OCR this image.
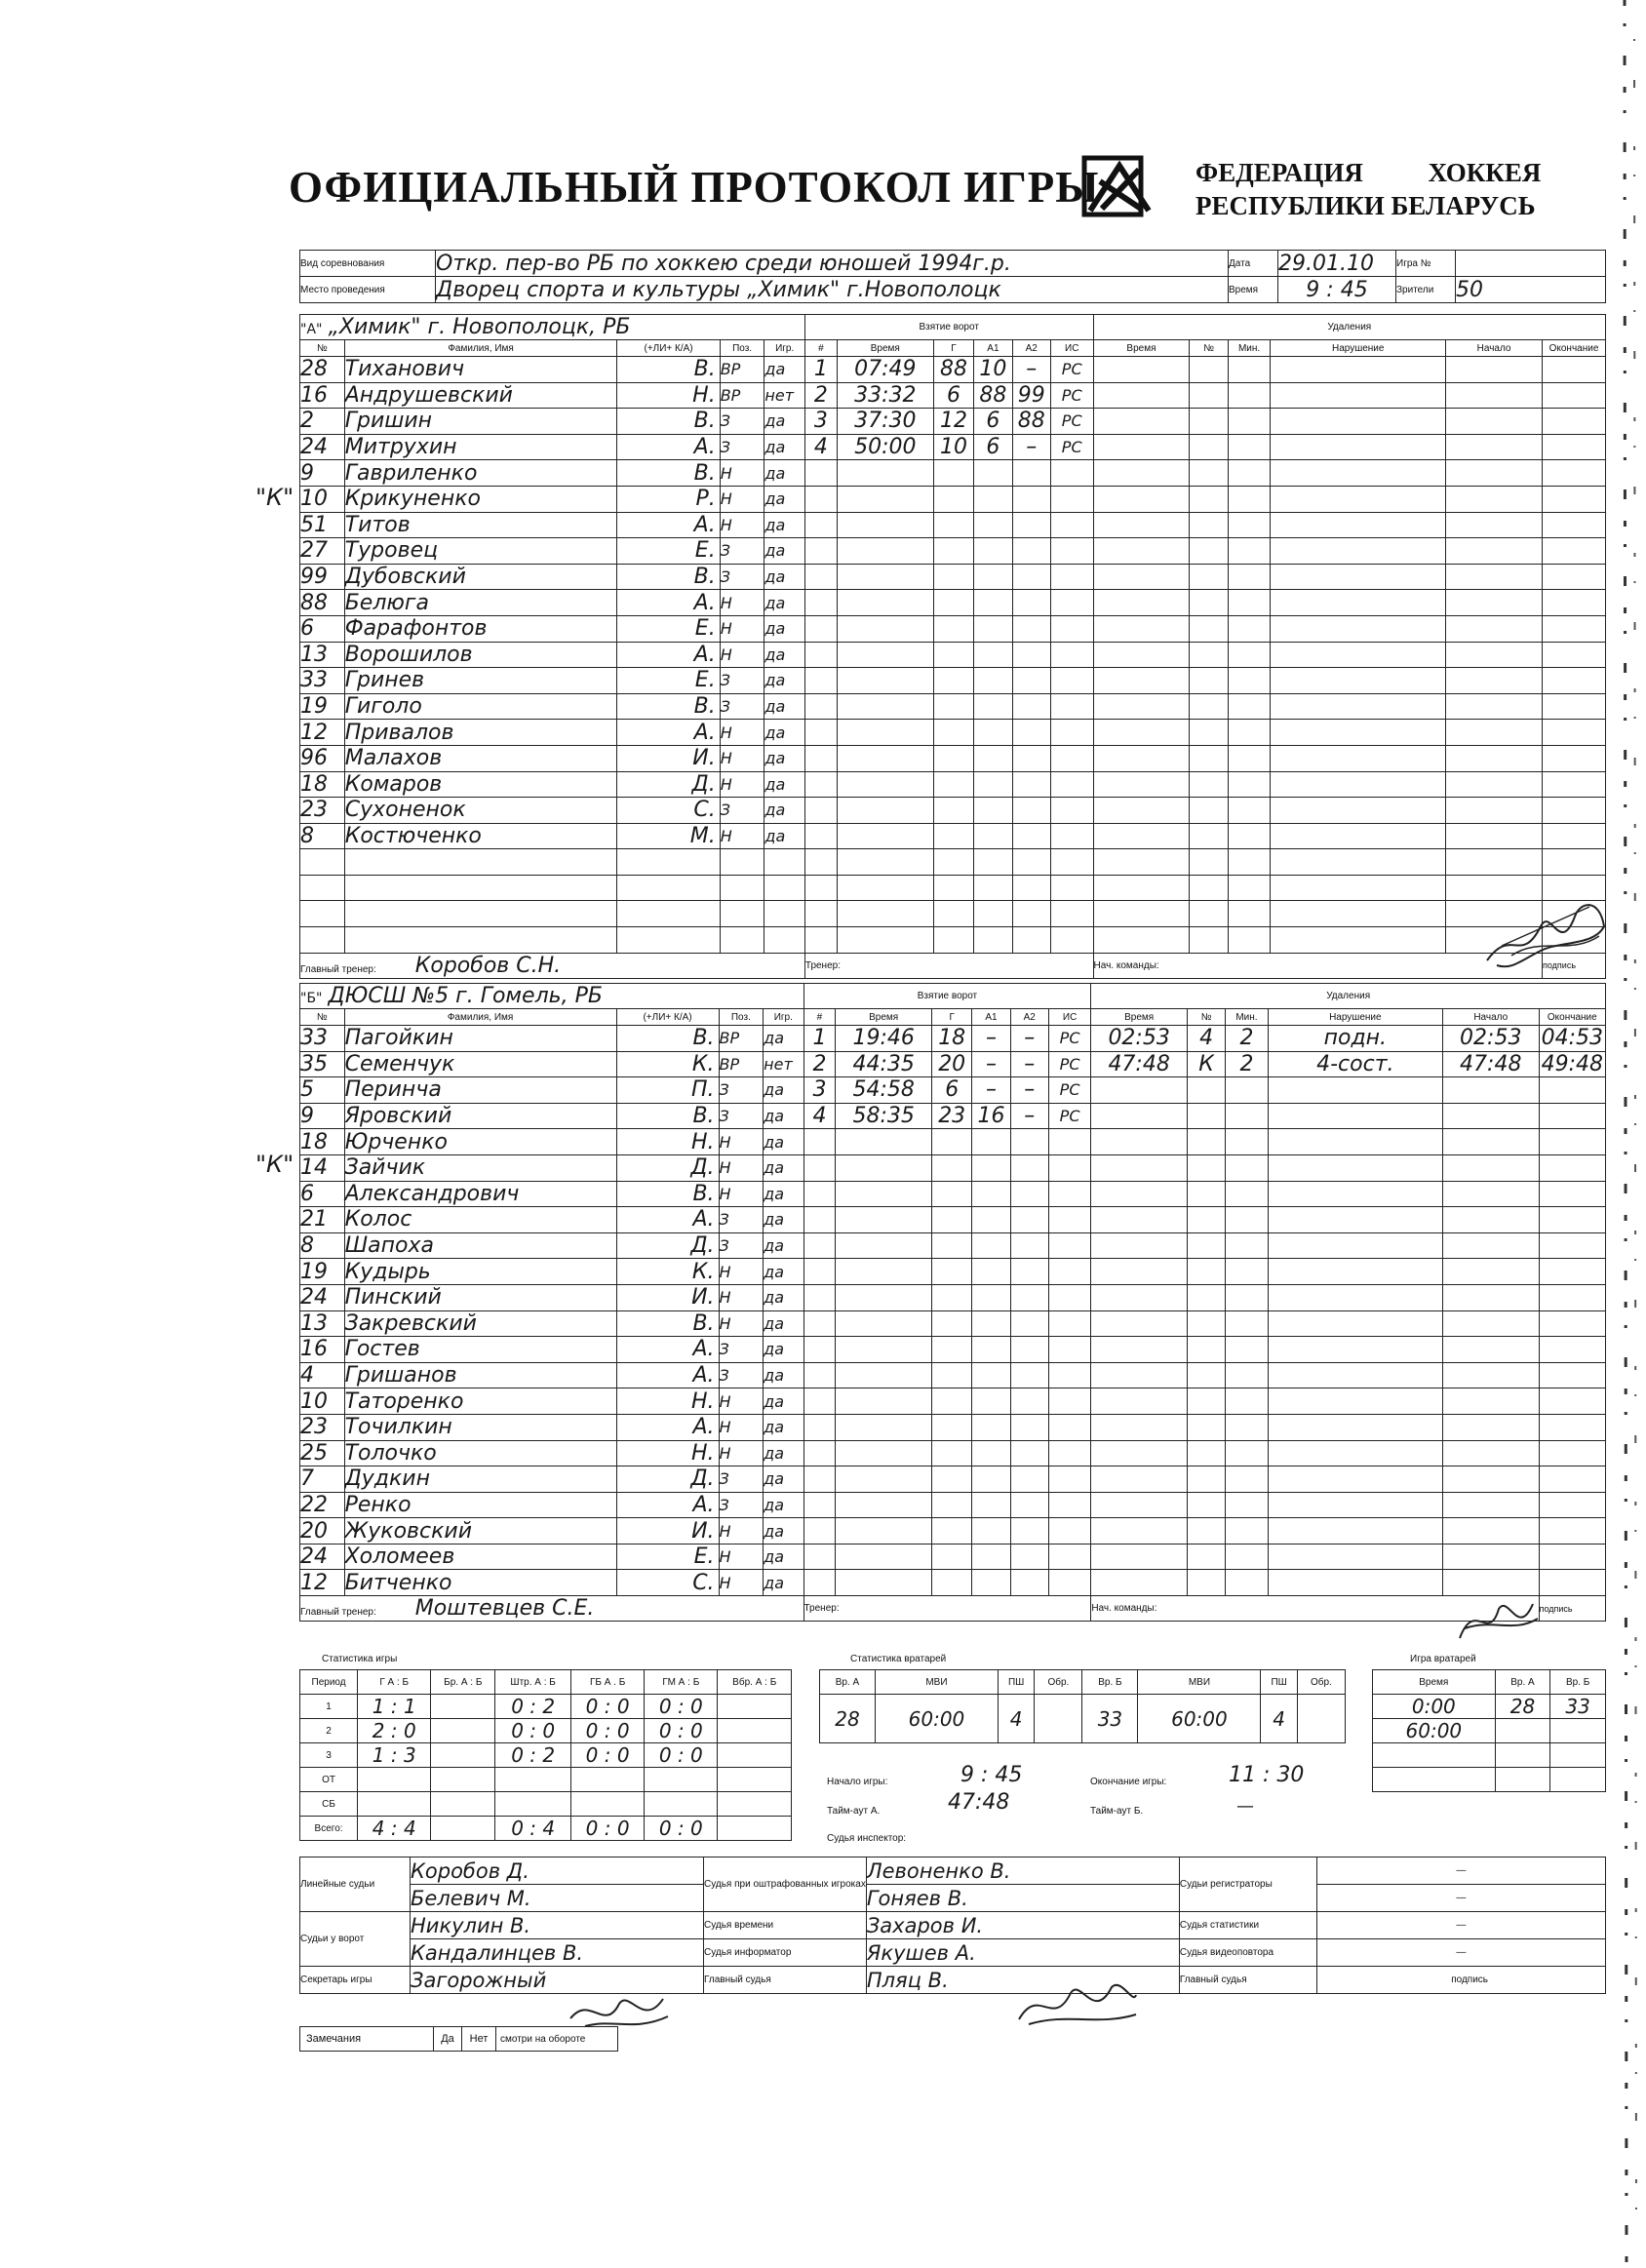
ОФИЦИАЛЬНЫЙ ПРОТОКОЛ ИГРЫ	ФЕДЕРАЦИЯ ХОККЕЯ
РЕСПУБЛИКИ БЕЛАРУСЬ
Вид соревнования	Откр. пер-во РБ по хоккею среди юношей 1994г.р.	Дата	29.01.10	Игра №	
Место проведения	Дворец спорта и культуры „Химик" г.Новополоцк	Время	9 : 45	Зрители	50
"А" „Химик" г. Новополоцк, РБ					Взятие ворот						Удаления					
№	Фамилия, Имя	(+ЛИ+ К/А)	Поз.	Игр.	#	Время	Г	А1	А2	ИС	Время	№	Мин.	Нарушение	Начало	Окончание
28	Тиханович	В.	ВР	да	1	07:49	88	10	–	РС						
16	Андрушевский	Н.	ВР	нет	2	33:32	6	88	99	РС						
2	Гришин	В.	З	да	3	37:30	12	6	88	РС						
24	Митрухин	А.	З	да	4	50:00	10	6	–	РС						
9	Гавриленко	В.	Н	да												
10	Крикуненко	Р.	Н	да												
51	Титов	А.	Н	да												
27	Туровец	Е.	З	да												
99	Дубовский	В.	З	да												
88	Белюга	А.	Н	да												
6	Фарафонтов	Е.	Н	да												
13	Ворошилов	А.	Н	да												
33	Гринев	Е.	З	да												
19	Гиголо	В.	З	да												
12	Привалов	А.	Н	да												
96	Малахов	И.	Н	да												
18	Комаров	Д.	Н	да												
23	Сухоненок	С.	З	да												
8	Костюченко	М.	Н	да												

Главный тренер: Коробов С.Н.					Тренер:						Нач. команды:					подпись
"Б" ДЮСШ №5 г. Гомель, РБ					Взятие ворот						Удаления					
№	Фамилия, Имя	(+ЛИ+ К/А)	Поз.	Игр.	#	Время	Г	А1	А2	ИС	Время	№	Мин.	Нарушение	Начало	Окончание
33	Пагойкин	В.	ВР	да	1	19:46	18	–	–	РС	02:53	4	2	подн.	02:53	04:53
35	Семенчук	К.	ВР	нет	2	44:35	20	–	–	РС	47:48	К	2	4-сост.	47:48	49:48
5	Перинча	П.	З	да	3	54:58	6	–	–	РС						
9	Яровский	В.	З	да	4	58:35	23	16	–	РС						
18	Юрченко	Н.	Н	да												
14	Зайчик	Д.	Н	да												
6	Александрович	В.	Н	да												
21	Колос	А.	З	да												
8	Шапоха	Д.	З	да												
19	Кудырь	К.	Н	да												
24	Пинский	И.	Н	да												
13	Закревский	В.	Н	да												
16	Гостев	А.	З	да												
4	Гришанов	А.	З	да												
10	Таторенко	Н.	Н	да												
23	Точилкин	А.	Н	да												
25	Толочко	Н.	Н	да												
7	Дудкин	Д.	З	да												
22	Ренко	А.	З	да												
20	Жуковский	И.	Н	да												
24	Холомеев	Е.	Н	да												
12	Битченко	С.	Н	да												
Главный тренер: Моштевцев С.Е.					Тренер:						Нач. команды:					подпись
"К"
"К"
Статистика игры
Период	Г А : Б	Бр. А : Б	Штр. А : Б	ГБ А . Б	ГМ А : Б	Вбр. А : Б
1	1 : 1		0 : 2	0 : 0	0 : 0	
2	2 : 0		0 : 0	0 : 0	0 : 0	
3	1 : 3		0 : 2	0 : 0	0 : 0	
ОТ						
СБ						
Всего:	4 : 4		0 : 4	0 : 0	0 : 0	
Статистика вратарей
Вр. А	МВИ	ПШ	Обр.	Вр. Б	МВИ	ПШ	Обр.
28	60:00	4		33	60:00	4	
Начало игры:	9 : 45	Окончание игры:	11 : 30
Тайм-аут А.	47:48	Тайм-аут Б.	—
Судья инспектор:
Игра вратарей
Время	Вр. А	Вр. Б
0:00	28	33
60:00		

Линейные судьи	Коробов Д.	Судья при оштрафованных игроках	Левоненко В.	Судьи регистраторы	—
	Белевич М.		Гоняев В.		—
Судьи у ворот	Никулин В.	Судья времени	Захаров И.	Судья статистики	—
	Кандалинцев В.	Судья информатор	Якушев А.	Судья видеоповтора	—
Секретарь игры	Загорожный	Главный судья	Пляц В.	Главный судья	подпись
Замечания	Да	Нет	смотри на обороте
